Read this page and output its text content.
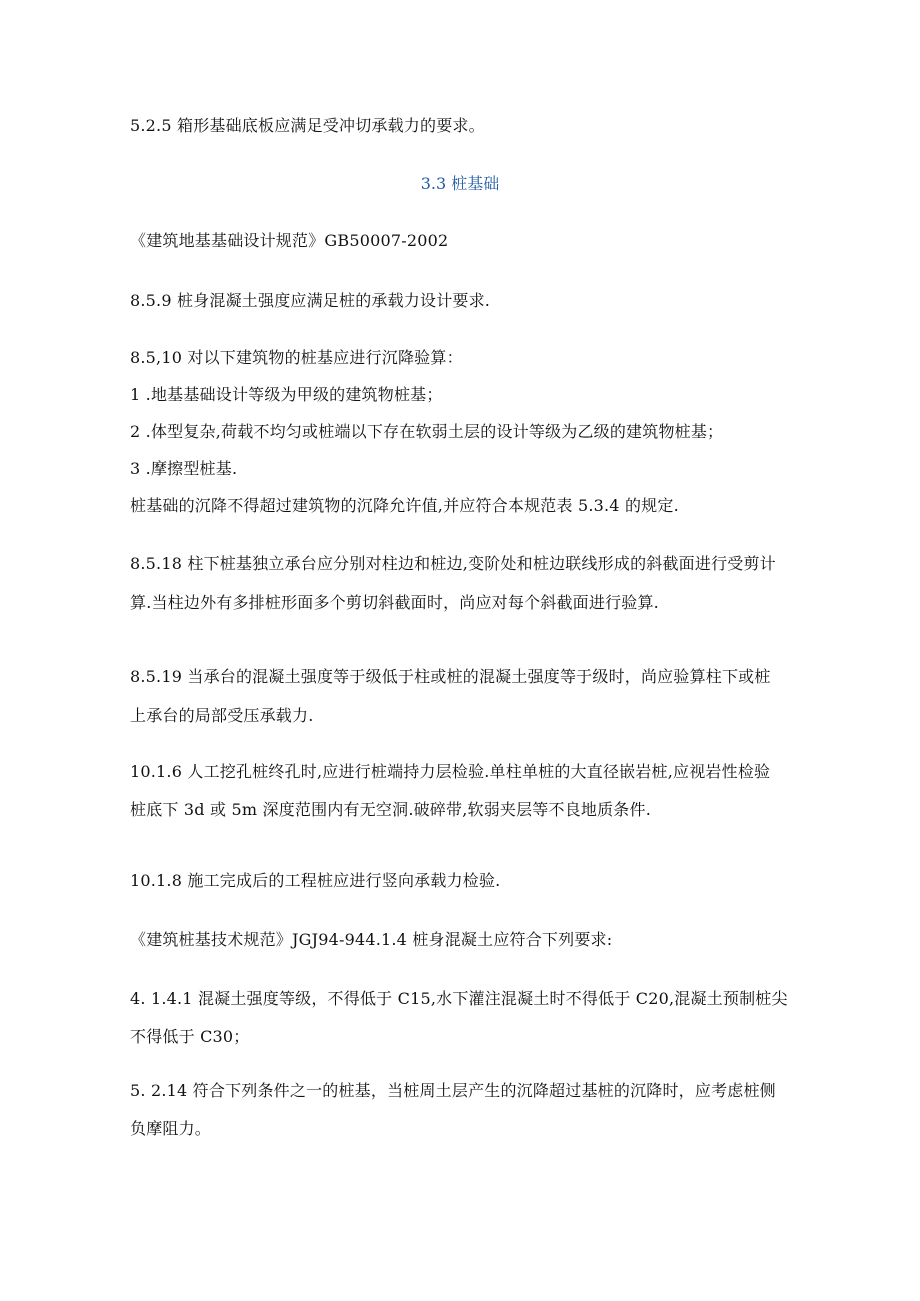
5.2.5 箱形基础底板应满足受冲切承载力的要求。
3.3 桩基础
《建筑地基基础设计规范》GB50007-2002
8.5.9 桩身混凝土强度应满足桩的承载力设计要求.
8.5,10 对以下建筑物的桩基应进行沉降验算：
1 .地基基础设计等级为甲级的建筑物桩基；
2 .体型复杂,荷载不均匀或桩端以下存在软弱土层的设计等级为乙级的建筑物桩基；
3 .摩擦型桩基.
桩基础的沉降不得超过建筑物的沉降允许值,并应符合本规范表 5.3.4 的规定.
8.5.18 柱下桩基独立承台应分别对柱边和桩边,变阶处和桩边联线形成的斜截面进行受剪计
算.当柱边外有多排桩形面多个剪切斜截面时，尚应对每个斜截面进行验算.
8.5.19 当承台的混凝土强度等于级低于柱或桩的混凝土强度等于级时，尚应验算柱下或桩
上承台的局部受压承载力.
10.1.6 人工挖孔桩终孔时,应进行桩端持力层检验.单柱单桩的大直径嵌岩桩,应视岩性检验
桩底下 3d 或 5m 深度范围内有无空洞.破碎带,软弱夹层等不良地质条件.
10.1.8 施工完成后的工程桩应进行竖向承载力检验.
《建筑桩基技术规范》JGJ94-944.1.4 桩身混凝土应符合下列要求:
4. 1.4.1 混凝土强度等级，不得低于 C15,水下灌注混凝土时不得低于 C20,混凝土预制桩尖
不得低于 C30；
5. 2.14 符合下列条件之一的桩基，当桩周土层产生的沉降超过基桩的沉降时，应考虑桩侧
负摩阻力。
